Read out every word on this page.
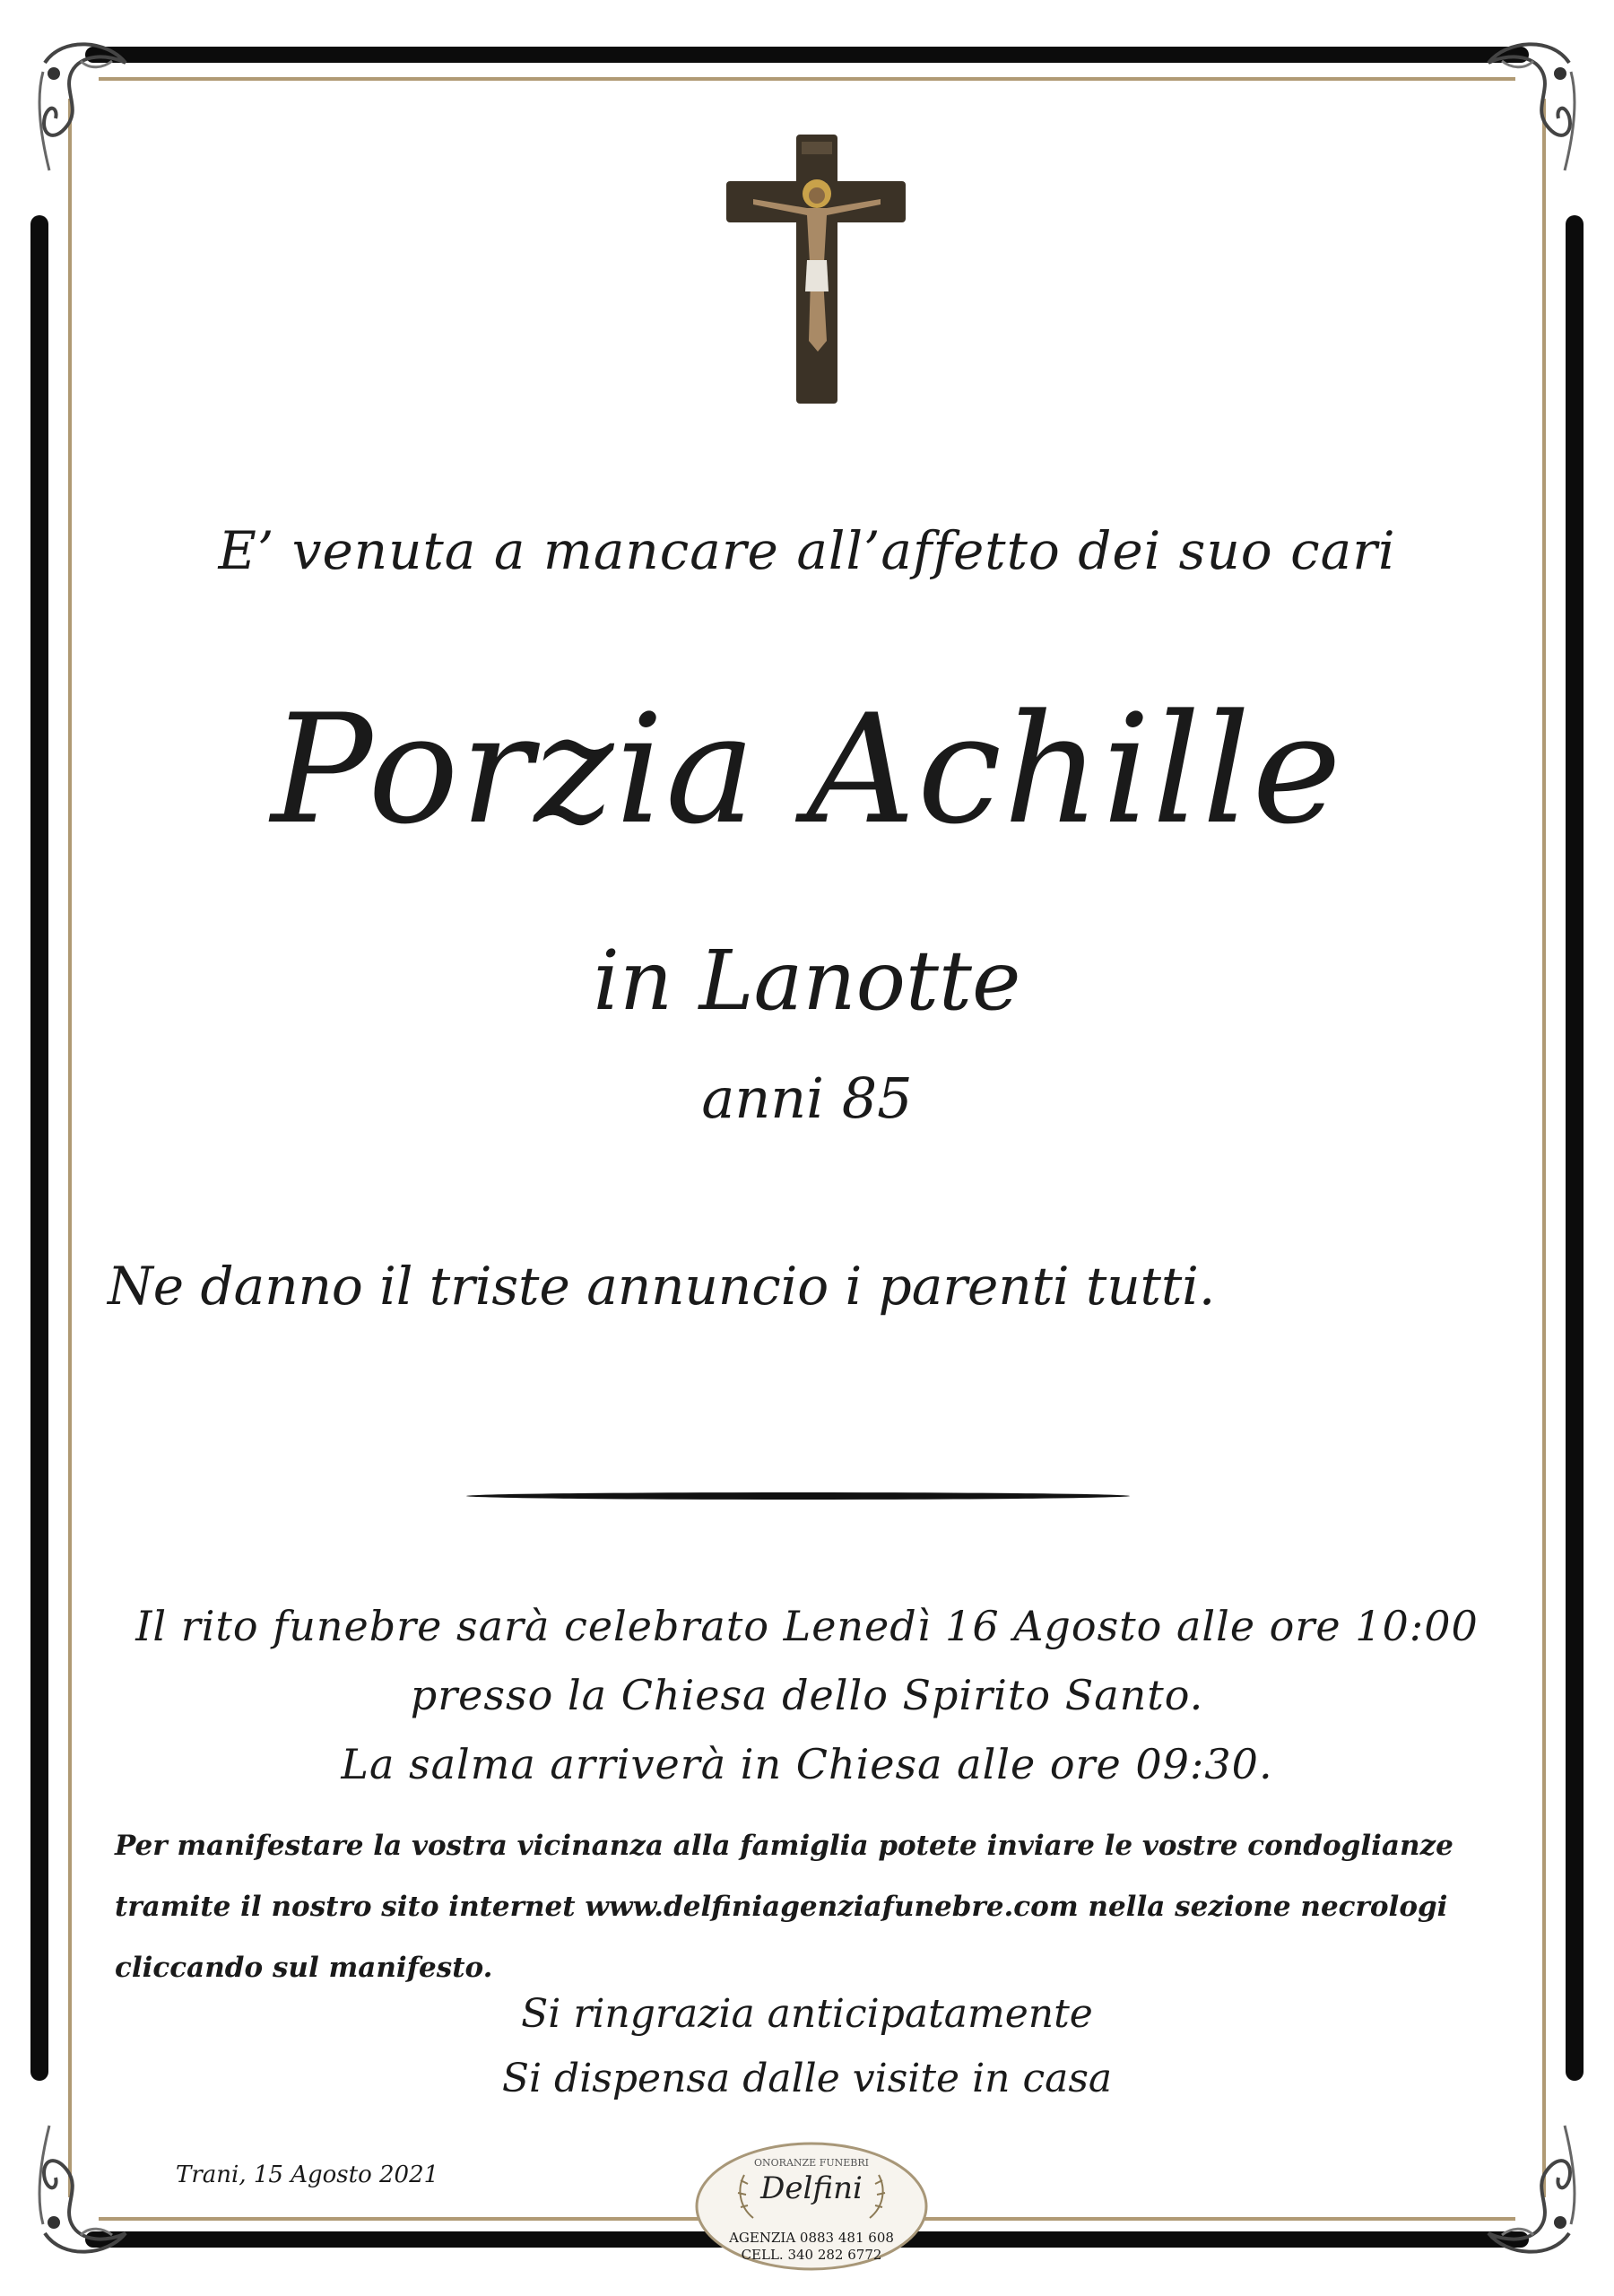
E’ venuta a mancare all’affetto dei suo cari
Porzia Achille
in Lanotte
anni 85
Ne danno il triste annuncio i parenti tutti.
Il rito funebre sarà celebrato Lenedì 16 Agosto alle ore 10:00
presso la Chiesa dello Spirito Santo.
La salma arriverà in Chiesa alle ore 09:30.
Per manifestare la vostra vicinanza alla famiglia potete inviare le vostre condoglianze
tramite il nostro sito internet www.delfiniagenziafunebre.com nella sezione necrologi
cliccando sul manifesto.
Si ringrazia anticipatamente
Si dispensa dalle visite in casa
Trani, 15 Agosto 2021	ONORANZE FUNEBRI
Delfini
AGENZIA 0883 481 608
CELL. 340 282 6772
